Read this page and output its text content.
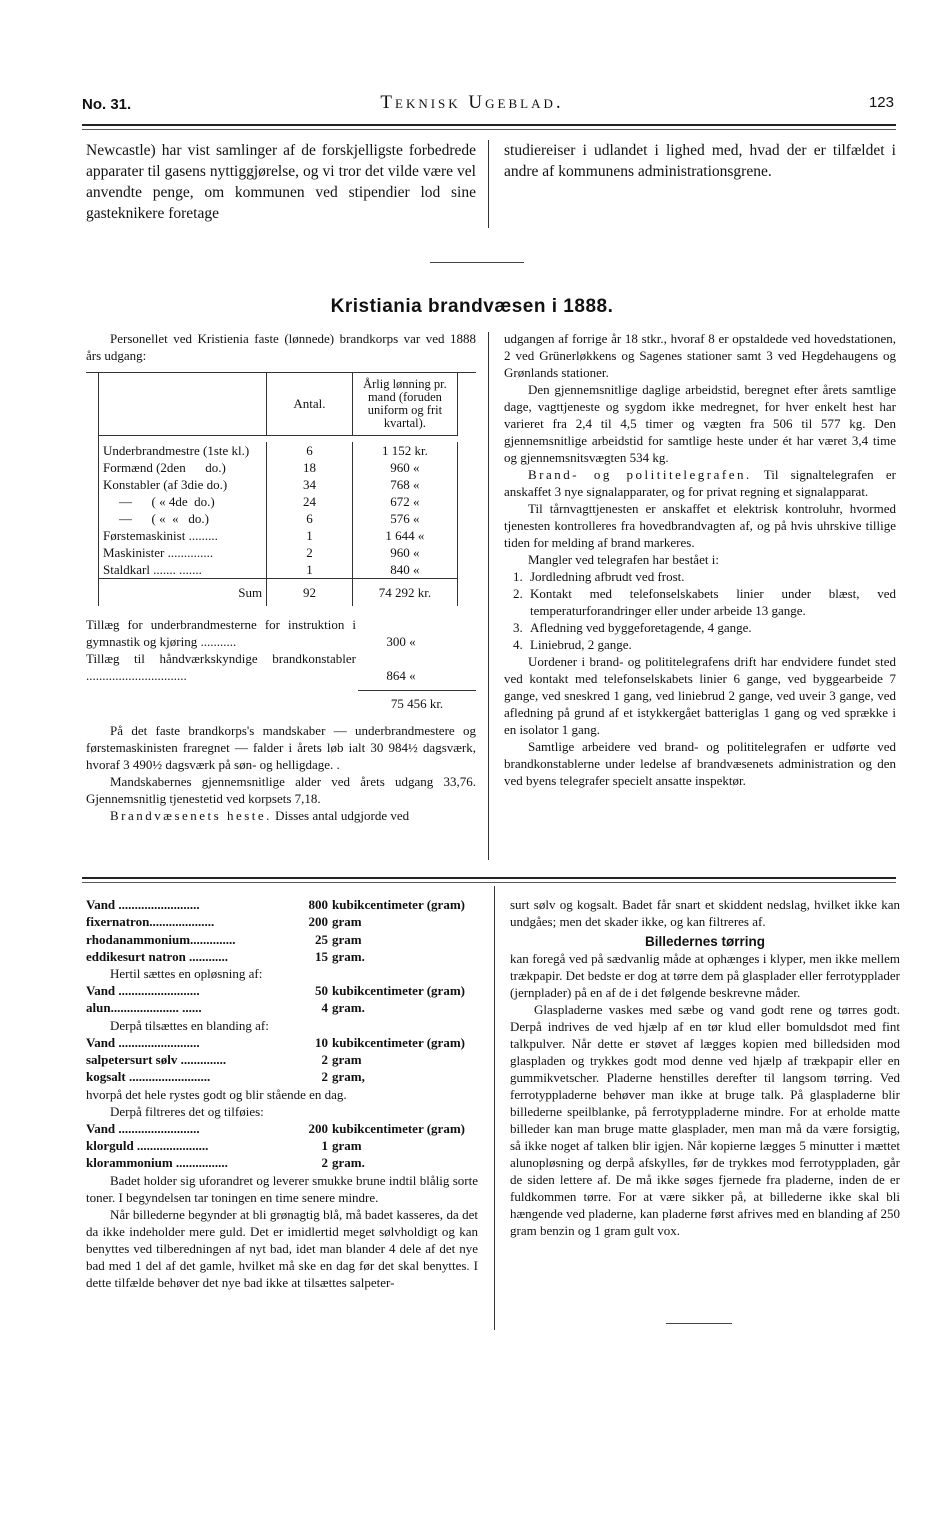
No. 31.	Teknisk Ugeblad.	123

Newcastle) har vist samlinger af de forskjelligste forbedrede apparater til gasens nyttiggjørelse, og vi tror det vilde være vel anvendte penge, om kommunen ved stipendier lod sine gasteknikere foretage

studiereiser i udlandet i lighed med, hvad der er tilfældet i andre af kommunens administrationsgrene.

Kristiania brandvæsen i 1888.

Personellet ved Kristienia faste (lønnede) brandkorps var ved 1888 års udgang:

	Antal.	Årlig lønning pr. mand (foruden uniform og frit kvartal).

Underbrandmestre (1ste kl.)	6	1 152 kr.
Formænd (2den      do.)	18	960 «
Konstabler (af 3die do.)	34	768 «
—      ( « 4de  do.)	24	672 «
—      ( «  «   do.)	6	576 «
Førstemaskinist .........	1	1 644 «
Maskinister ..............	2	960 «
Staldkarl ....... .......	1	840 «
Sum	92	74 292 kr.
Tillæg for underbrandmesterne for instruktion i gymnastik og kjøring ...........	300 «
Tillæg til håndværkskyndige brandkonstabler ...............................	864 «
75 456 kr.

På det faste brandkorps's mandskaber — underbrandmestere og førstemaskinisten fraregnet — falder i årets løb ialt 30 984½ dagsværk, hvoraf 3 490½ dagsværk på søn- og helligdage. .

Mandskabernes gjennemsnitlige alder ved årets udgang 33,76. Gjennemsnitlig tjenestetid ved korpsets 7,18.

Brandvæsenets heste. Disses antal udgjorde ved

udgangen af forrige år 18 stkr., hvoraf 8 er opstaldede ved hovedstationen, 2 ved Grünerløkkens og Sagenes stationer samt 3 ved Hegdehaugens og Grønlands stationer.

Den gjennemsnitlige daglige arbeidstid, beregnet efter årets samtlige dage, vagttjeneste og sygdom ikke medregnet, for hver enkelt hest har varieret fra 2,4 til 4,5 timer og vægten fra 506 til 577 kg. Den gjennemsnitlige arbeidstid for samtlige heste under ét har været 3,4 time og gjennemsnitsvægten 534 kg.

Brand- og polititelegrafen. Til signaltelegrafen er anskaffet 3 nye signalapparater, og for privat regning et signalapparat.

Til tårnvagttjenesten er anskaffet et elektrisk kontroluhr, hvormed tjenesten kontrolleres fra hovedbrandvagten af, og på hvis uhrskive tillige tiden for melding af brand markeres.

Mangler ved telegrafen har bestået i:

1. Jordledning afbrudt ved frost.
2. Kontakt med telefonselskabets linier under blæst, ved temperaturforandringer eller under arbeide 13 gange.
3. Afledning ved byggeforetagende, 4 gange.
4. Liniebrud, 2 gange.

Uordener i brand- og polititelegrafens drift har endvidere fundet sted ved kontakt med telefonselskabets linier 6 gange, ved byggearbeide 7 gange, ved sneskred 1 gang, ved liniebrud 2 gange, ved uveir 3 gange, ved afledning på grund af et istykkergået batteriglas 1 gang og ved sprække i en isolator 1 gang.

Samtlige arbeidere ved brand- og polititelegrafen er udførte ved brandkonstablerne under ledelse af brandvæsenets administration og den ved byens telegrafer specielt ansatte inspektør.

Vand .........................	800 kubikcentimeter (gram)
fixernatron....................	200 gram
rhodanammonium..............	25 gram
eddikesurt natron ............	15 gram.

Hertil sættes en opløsning af:

Vand .........................	50 kubikcentimeter (gram)
alun..................... ......	4 gram.

Derpå tilsættes en blanding af:

Vand .........................	10 kubikcentimeter (gram)
salpetersurt sølv ..............	2 gram
kogsalt .........................	2 gram,

hvorpå det hele rystes godt og blir stående en dag.

Derpå filtreres det og tilføies:

Vand .........................	200 kubikcentimeter (gram)
klorguld ......................	1 gram
klorammonium ................	2 gram.

Badet holder sig uforandret og leverer smukke brune indtil blålig sorte toner. I begyndelsen tar toningen en time senere mindre.

Når billederne begynder at bli grønagtig blå, må badet kasseres, da det da ikke indeholder mere guld. Det er imidlertid meget sølvholdigt og kan benyttes ved tilberedningen af nyt bad, idet man blander 4 dele af det nye bad med 1 del af det gamle, hvilket må ske en dag før det skal benyttes. I dette tilfælde behøver det nye bad ikke at tilsættes salpeter-

surt sølv og kogsalt. Badet får snart et skiddent nedslag, hvilket ikke kan undgåes; men det skader ikke, og kan filtreres af.

Billedernes tørring

kan foregå ved på sædvanlig måde at ophænges i klyper, men ikke mellem trækpapir. Det bedste er dog at tørre dem på glasplader eller ferrotypplader (jernplader) på en af de i det følgende beskrevne måder.

Glaspladerne vaskes med sæbe og vand godt rene og tørres godt. Derpå indrives de ved hjælp af en tør klud eller bomuldsdot med fint talkpulver. Når dette er støvet af lægges kopien med billedsiden mod glaspladen og trykkes godt mod denne ved hjælp af trækpapir eller en gummikvetscher. Pladerne henstilles derefter til langsom tørring. Ved ferrotyppladerne behøver man ikke at bruge talk. På glaspladerne blir billederne speilblanke, på ferrotyppladerne mindre. For at erholde matte billeder kan man bruge matte glasplader, men man må da være forsigtig, så ikke noget af talken blir igjen. Når kopierne lægges 5 minutter i mættet alunopløsning og derpå afskylles, før de trykkes mod ferrotyppladen, går de siden lettere af. De må ikke søges fjernede fra pladerne, inden de er fuldkommen tørre. For at være sikker på, at billederne ikke skal bli hængende ved pladerne, kan pladerne først afrives med en blanding af 250 gram benzin og 1 gram gult vox.
